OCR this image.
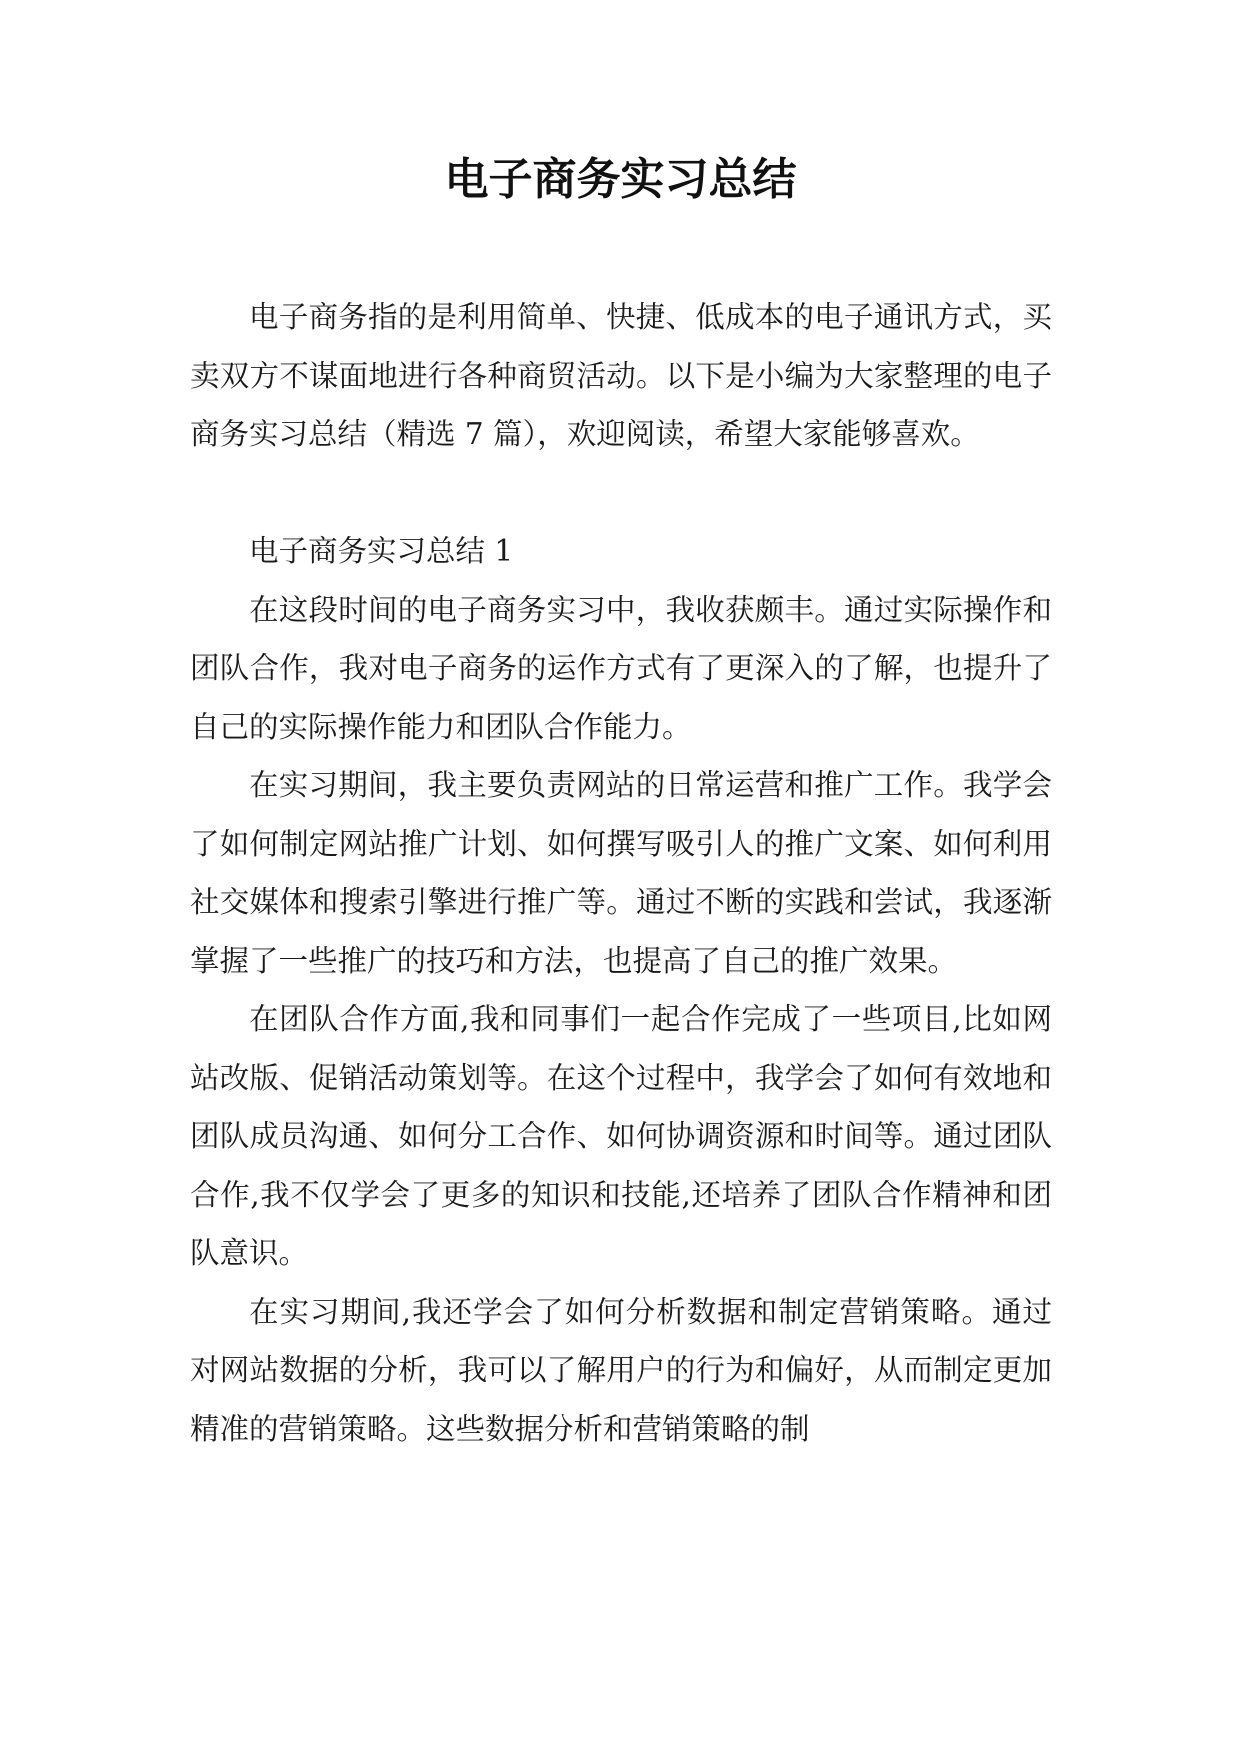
电子商务实习总结

电子商务指的是利用简单、快捷、低成本的电子通讯方式，买卖双方不谋面地进行各种商贸活动。以下是小编为大家整理的电子商务实习总结（精选 7 篇），欢迎阅读，希望大家能够喜欢。

电子商务实习总结 1

在这段时间的电子商务实习中，我收获颇丰。通过实际操作和团队合作，我对电子商务的运作方式有了更深入的了解，也提升了自己的实际操作能力和团队合作能力。

在实习期间，我主要负责网站的日常运营和推广工作。我学会了如何制定网站推广计划、如何撰写吸引人的推广文案、如何利用社交媒体和搜索引擎进行推广等。通过不断的实践和尝试，我逐渐掌握了一些推广的技巧和方法，也提高了自己的推广效果。

在团队合作方面,我和同事们一起合作完成了一些项目,比如网站改版、促销活动策划等。在这个过程中，我学会了如何有效地和团队成员沟通、如何分工合作、如何协调资源和时间等。通过团队合作,我不仅学会了更多的知识和技能,还培养了团队合作精神和团队意识。

在实习期间,我还学会了如何分析数据和制定营销策略。通过对网站数据的分析，我可以了解用户的行为和偏好，从而制定更加精准的营销策略。这些数据分析和营销策略的制
